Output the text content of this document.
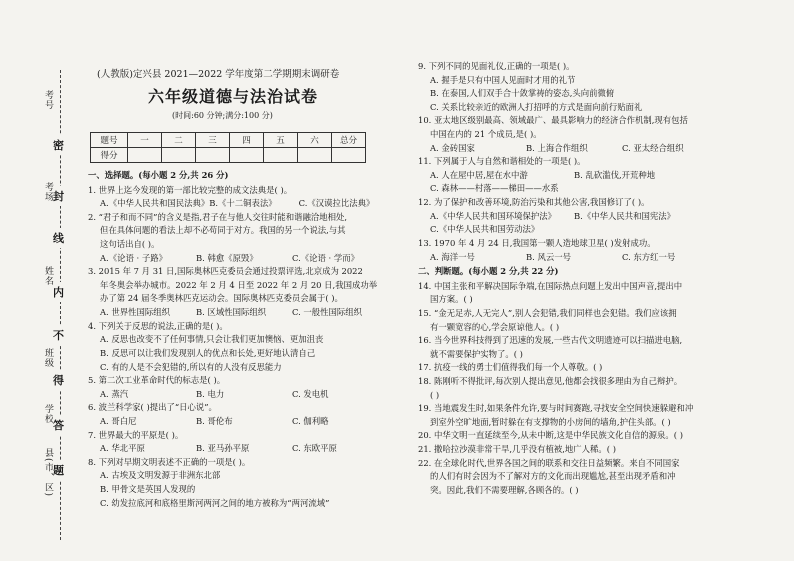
考号
考场
姓名
班级
学校
县(市、区)
密
封
线
内
不
得
答
题
(人教版)定兴县 2021—2022 学年度第二学期期末调研卷
六年级道德与法治试卷
(时间:60 分钟;满分:100 分)
题号	一	二	三	四	五	六	总分
得分							

一、选择题。(每小题 2 分,共 26 分)

1. 世界上迄今发现的第一部比较完整的成文法典是( )。

A.《中华人民共和国民法典》 B.《十二铜表法》	C.《汉谟拉比法典》

2. “君子和而不同”的含义是指,君子在与他人交往时能和谐融洽地相处,

但在具体问题的看法上却不必苟同于对方。我国的另一个说法,与其

这句话出自( )。

A.《论语 · 子路》	B. 韩愈《原毁》	C.《论语 · 学而》

3. 2015 年 7 月 31 日,国际奥林匹克委员会通过投票评选,北京成为 2022

年冬奥会举办城市。2022 年 2 月 4 日至 2022 年 2 月 20 日,我国成功举

办了第 24 届冬季奥林匹克运动会。国际奥林匹克委员会属于( )。

A. 世界性国际组织	B. 区域性国际组织	C. 一般性国际组织

4. 下列关于反思的说法,正确的是( )。

A. 反思也改变不了任何事情,只会让我们更加懊恼、更加沮丧

B. 反思可以让我们发现别人的优点和长处,更好地认清自己

C. 有的人是不会犯错的,所以有的人没有反思能力

5. 第二次工业革命时代的标志是( )。

A. 蒸汽	B. 电力	C. 发电机

6. 波兰科学家( )提出了“日心说”。

A. 哥白尼	B. 哥伦布	C. 伽利略

7. 世界最大的平原是( )。

A. 华北平原	B. 亚马孙平原	C. 东欧平原

8. 下列对早期文明表述不正确的一项是( )。

A. 古埃及文明发源于非洲东北部

B. 甲骨文是英国人发现的

C. 幼发拉底河和底格里斯河两河之间的地方被称为“两河流域”

9. 下列不同的见面礼仪,正确的一项是( )。

A. 握手是只有中国人见面时才用的礼节

B. 在泰国,人们双手合十敛掌祷的姿态,头向前微俯

C. 关系比较亲近的欧洲人打招呼的方式是面向前行贴面礼

10. 亚太地区级别最高、领域最广、最具影响力的经济合作机制,现有包括

中国在内的 21 个成员,是( )。

A. 金砖国家	B. 上海合作组织	C. 亚太经合组织

11. 下列属于人与自然和谐相处的一项是( )。

A. 人在屋中居,屋在水中游	B. 乱砍滥伐,开荒种地

C. 森林——村落——梯田——水系

12. 为了保护和改善环境,防治污染和其他公害,我国修订了( )。

A.《中华人民共和国环境保护法》	B.《中华人民共和国宪法》

C.《中华人民共和国劳动法》

13. 1970 年 4 月 24 日,我国第一颗人造地球卫星( )发射成功。

A. 海洋一号	B. 风云一号	C. 东方红一号

二、判断题。(每小题 2 分,共 22 分)

14. 中国主张和平解决国际争端,在国际热点问题上发出中国声音,提出中

国方案。( )

15. “金无足赤,人无完人”,别人会犯错,我们同样也会犯错。我们应该拥

有一颗宽容的心,学会原谅他人。( )

16. 当今世界科技得到了迅速的发展,一些古代文明遗迹可以扫描进电脑,

就不需要保护实物了。( )

17. 抗疫一线的勇士们值得我们每一个人尊敬。( )

18. 陈刚听不得批评,每次别人提出意见,他都会找很多理由为自己辩护。

( )

19. 当地震发生时,如果条件允许,要与时间赛跑,寻找安全空间快速躲避和冲

到室外空旷地面,暂时躲在有支撑物的小房间的墙角,护住头部。( )

20. 中华文明一直延续至今,从未中断,这是中华民族文化自信的源泉。( )

21. 撒哈拉沙漠非常干旱,几乎没有植被,地广人稀。( )

22. 在全球化时代,世界各国之间的联系和交往日益频繁。来自不同国家

的人们有时会因为不了解对方的文化而出现尴尬,甚至出现矛盾和冲

突。因此,我们不需要理解,各顾各的。( )
